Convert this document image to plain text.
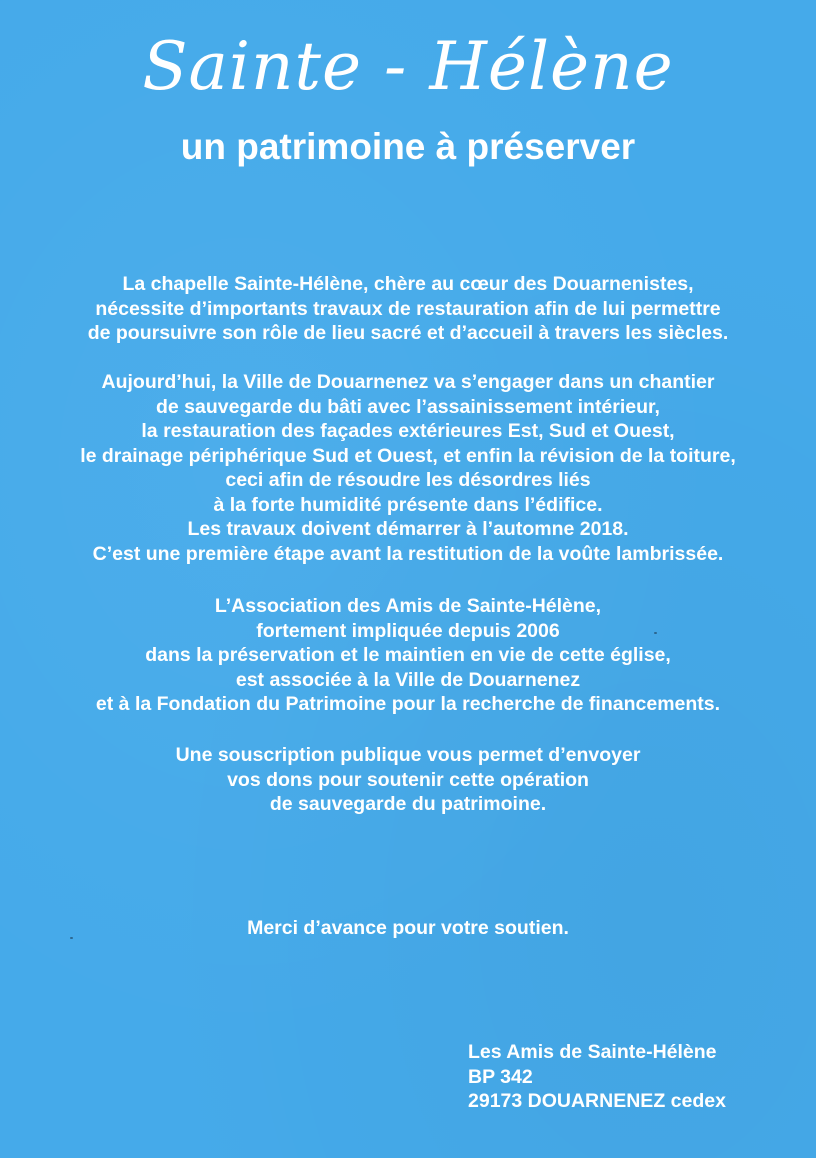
Sainte - Hélène
un patrimoine à préserver

La chapelle Sainte-Hélène, chère au cœur des Douarnenistes,
nécessite d’importants travaux de restauration afin de lui permettre
de poursuivre son rôle de lieu sacré et d’accueil à travers les siècles.

Aujourd’hui, la Ville de Douarnenez va s’engager dans un chantier
de sauvegarde du bâti avec l’assainissement intérieur,
la restauration des façades extérieures Est, Sud et Ouest,
le drainage périphérique Sud et Ouest, et enfin la révision de la toiture,
ceci afin de résoudre les désordres liés
à la forte humidité présente dans l’édifice.
Les travaux doivent démarrer à l’automne 2018.
C’est une première étape avant la restitution de la voûte lambrissée.

L’Association des Amis de Sainte-Hélène,
fortement impliquée depuis 2006
dans la préservation et le maintien en vie de cette église,
est associée à la Ville de Douarnenez
et à la Fondation du Patrimoine pour la recherche de financements.

Une souscription publique vous permet d’envoyer
vos dons pour soutenir cette opération
de sauvegarde du patrimoine.

Merci d’avance pour votre soutien.

Les Amis de Sainte-Hélène
BP 342
29173 DOUARNENEZ cedex
